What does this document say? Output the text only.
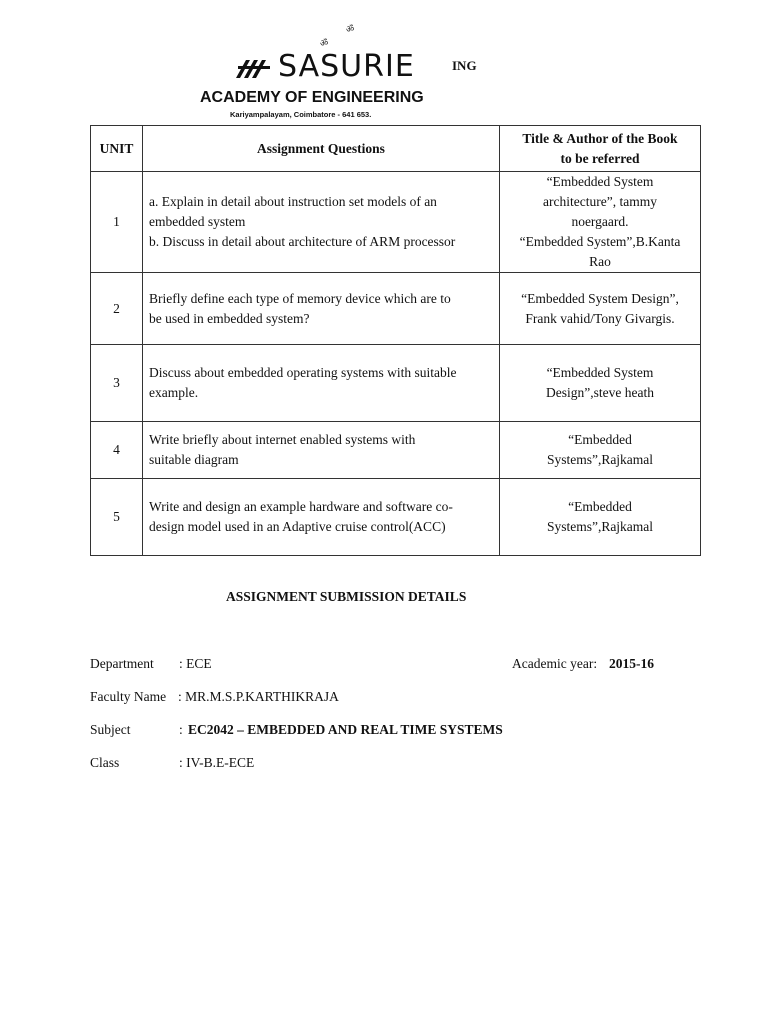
ॐ
ॐ
SASURIE	ING
ACADEMY OF ENGINEERING
Kariyampalayam, Coimbatore - 641 653.
UNIT	Assignment Questions	Title & Author of the Book
to be referred

1	a. Explain in detail about instruction set models of an
embedded system
b. Discuss in detail about architecture of ARM processor	“Embedded System
architecture”, tammy
noergaard.
“Embedded System”,B.Kanta
Rao

2	Briefly define each type of memory device which are to
be used in embedded system?	“Embedded System Design”,
Frank vahid/Tony Givargis.

3	Discuss about embedded operating systems with suitable
example.	“Embedded System
Design”,steve heath

4	Write briefly about internet enabled systems with
suitable diagram	“Embedded
Systems”,Rajkamal

5	Write and design an example hardware and software co-
design model used in an Adaptive cruise control(ACC)	“Embedded
Systems”,Rajkamal
ASSIGNMENT SUBMISSION DETAILS
Department : ECE	Academic year: 2015-16
Faculty Name : MR.M.S.P.KARTHIKRAJA
Subject	: EC2042 – EMBEDDED AND REAL TIME SYSTEMS
Class	: IV-B.E-ECE
